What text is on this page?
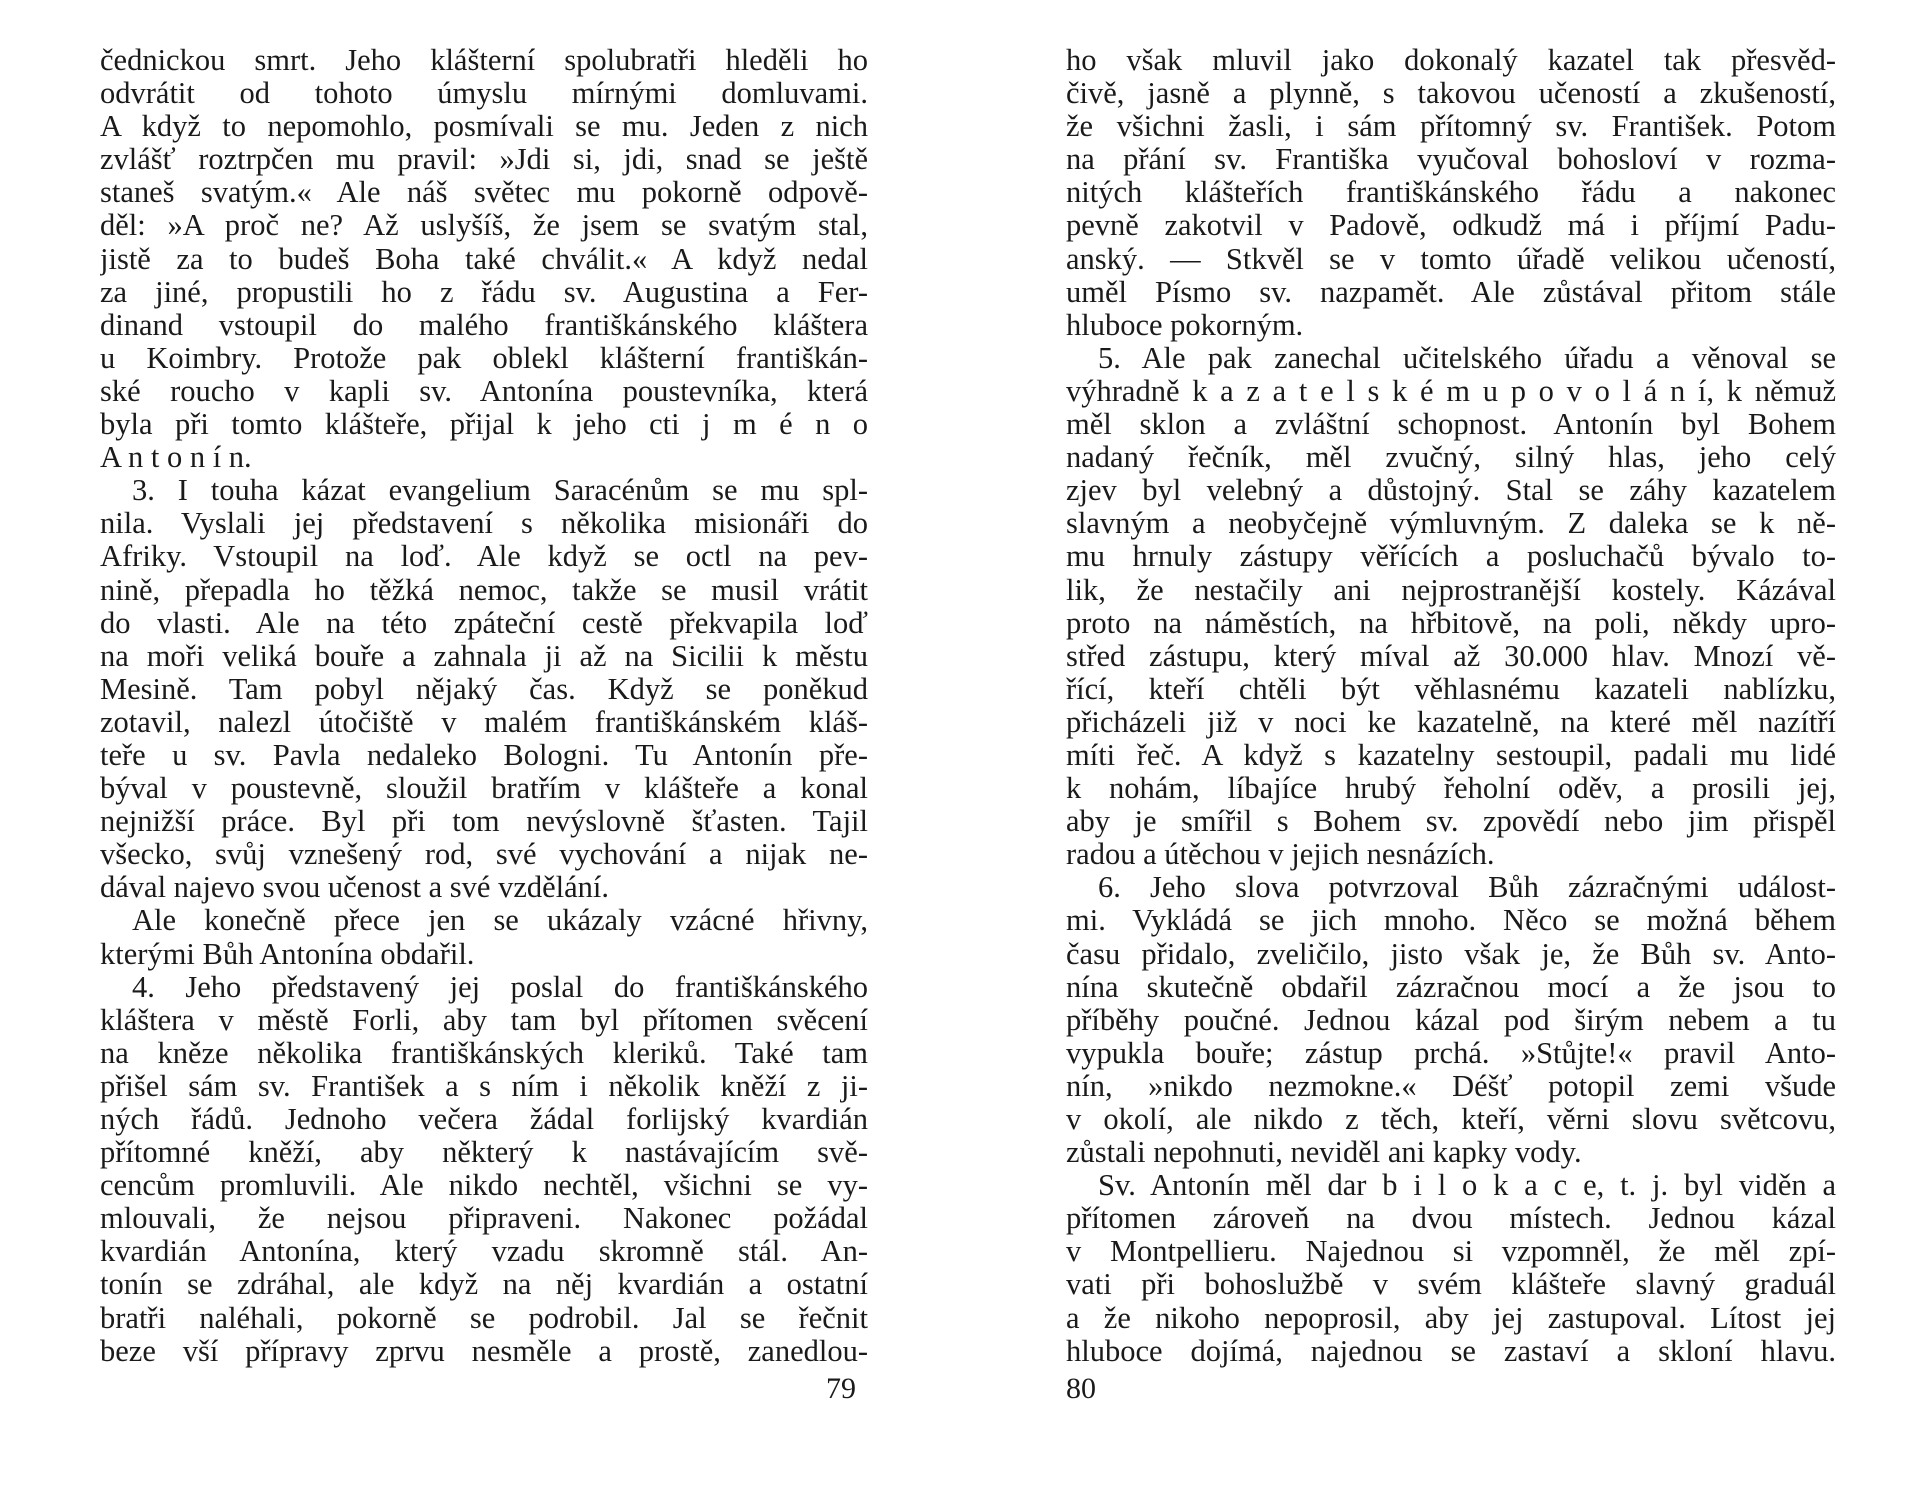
čednickou smrt. Jeho klášterní spolubratři hleděli ho
odvrátit od tohoto úmyslu mírnými domluvami.
A když to nepomohlo, posmívali se mu. Jeden z nich
zvlášť roztrpčen mu pravil: »Jdi si, jdi, snad se ještě
staneš svatým.« Ale náš světec mu pokorně odpově-
děl: »A proč ne? Až uslyšíš, že jsem se svatým stal,
jistě za to budeš Boha také chválit.« A když nedal
za jiné, propustili ho z řádu sv. Augustina a Fer-
dinand vstoupil do malého františkánského kláštera
u Koimbry. Protože pak oblekl klášterní františkán-
ské roucho v kapli sv. Antonína poustevníka, která
byla při tomto klášteře, přijal k jeho cti j m é n o
A n t o n í n.
3. I touha kázat evangelium Saracénům se mu spl-
nila. Vyslali jej představení s několika misionáři do
Afriky. Vstoupil na loď. Ale když se octl na pev-
nině, přepadla ho těžká nemoc, takže se musil vrátit
do vlasti. Ale na této zpáteční cestě překvapila loď
na moři veliká bouře a zahnala ji až na Sicilii k městu
Mesině. Tam pobyl nějaký čas. Když se poněkud
zotavil, nalezl útočiště v malém františkánském kláš-
teře u sv. Pavla nedaleko Bologni. Tu Antonín pře-
býval v poustevně, sloužil bratřím v klášteře a konal
nejnižší práce. Byl při tom nevýslovně šťasten. Tajil
všecko, svůj vznešený rod, své vychování a nijak ne-
dával najevo svou učenost a své vzdělání.
Ale konečně přece jen se ukázaly vzácné hřivny,
kterými Bůh Antonína obdařil.
4. Jeho představený jej poslal do františkánského
kláštera v městě Forli, aby tam byl přítomen svěcení
na kněze několika františkánských kleriků. Také tam
přišel sám sv. František a s ním i několik kněží z ji-
ných řádů. Jednoho večera žádal forlijský kvardián
přítomné kněží, aby některý k nastávajícím svě-
cencům promluvili. Ale nikdo nechtěl, všichni se vy-
mlouvali, že nejsou připraveni. Nakonec požádal
kvardián Antonína, který vzadu skromně stál. An-
tonín se zdráhal, ale když na něj kvardián a ostatní
bratři naléhali, pokorně se podrobil. Jal se řečnit
beze vší přípravy zprvu nesměle a prostě, zanedlou-
ho však mluvil jako dokonalý kazatel tak přesvěd-
čivě, jasně a plynně, s takovou učeností a zkušeností,
že všichni žasli, i sám přítomný sv. František. Potom
na přání sv. Františka vyučoval bohosloví v rozma-
nitých klášteřích františkánského řádu a nakonec
pevně zakotvil v Padově, odkudž má i příjmí Padu-
anský. — Stkvěl se v tomto úřadě velikou učeností,
uměl Písmo sv. nazpamět. Ale zůstával přitom stále
hluboce pokorným.
5. Ale pak zanechal učitelského úřadu a věnoval se
výhradně k a z a t e l s k é m u p o v o l á n í, k němuž
měl sklon a zvláštní schopnost. Antonín byl Bohem
nadaný řečník, měl zvučný, silný hlas, jeho celý
zjev byl velebný a důstojný. Stal se záhy kazatelem
slavným a neobyčejně výmluvným. Z daleka se k ně-
mu hrnuly zástupy věřících a posluchačů bývalo to-
lik, že nestačily ani nejprostranější kostely. Kázával
proto na náměstích, na hřbitově, na poli, někdy upro-
střed zástupu, který míval až 30.000 hlav. Mnozí vě-
řící, kteří chtěli být věhlasnému kazateli nablízku,
přicházeli již v noci ke kazatelně, na které měl nazítří
míti řeč. A když s kazatelny sestoupil, padali mu lidé
k nohám, líbajíce hrubý řeholní oděv, a prosili jej,
aby je smířil s Bohem sv. zpovědí nebo jim přispěl
radou a útěchou v jejich nesnázích.
6. Jeho slova potvrzoval Bůh zázračnými událost-
mi. Vykládá se jich mnoho. Něco se možná během
času přidalo, zveličilo, jisto však je, že Bůh sv. Anto-
nína skutečně obdařil zázračnou mocí a že jsou to
příběhy poučné. Jednou kázal pod širým nebem a tu
vypukla bouře; zástup prchá. »Stůjte!« pravil Anto-
nín, »nikdo nezmokne.« Déšť potopil zemi všude
v okolí, ale nikdo z těch, kteří, věrni slovu světcovu,
zůstali nepohnuti, neviděl ani kapky vody.
Sv. Antonín měl dar b i l o k a c e, t. j. byl viděn a
přítomen zároveň na dvou místech. Jednou kázal
v Montpellieru. Najednou si vzpomněl, že měl zpí-
vati při bohoslužbě v svém klášteře slavný graduál
a že nikoho nepoprosil, aby jej zastupoval. Lítost jej
hluboce dojímá, najednou se zastaví a skloní hlavu.
79	80
